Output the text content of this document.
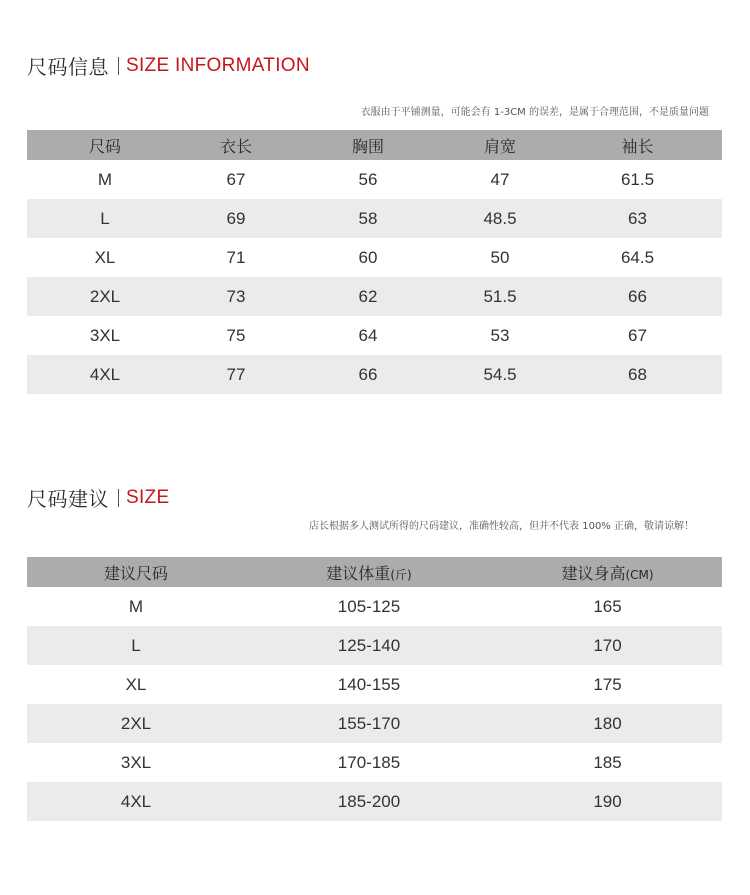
尺码信息 SIZE INFORMATION
衣服由于平铺测量，可能会有 1-3CM 的误差，是属于合理范围，不是质量问题
尺码	衣长	胸围	肩宽	袖长
M	67	56	47	61.5
L	69	58	48.5	63
XL	71	60	50	64.5
2XL	73	62	51.5	66
3XL	75	64	53	67
4XL	77	66	54.5	68
尺码建议 SIZE
店长根据多人测试所得的尺码建议，准确性较高，但并不代表 100% 正确，敬请谅解！
建议尺码	建议体重(斤)	建议身高(CM)
M	105-125	165
L	125-140	170
XL	140-155	175
2XL	155-170	180
3XL	170-185	185
4XL	185-200	190
